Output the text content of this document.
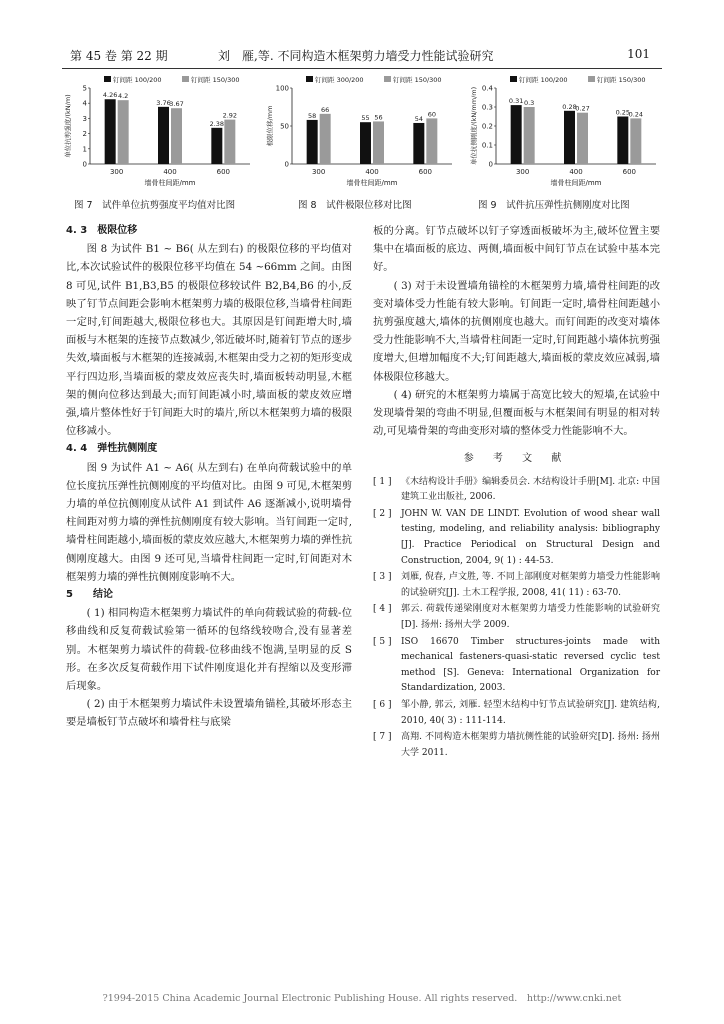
第 45 卷 第 22 期	刘　雁,等. 不同构造木框架剪力墙受力性能试验研究	101
0
1
2
3
4
5
300
4.26 4.2
400
3.76
3.67
600
2.38
2.92
钉间距 100/200	钉间距 150/300
墙骨柱间距/mm
单位抗剪强度/(kN/m)
0
50
100
300
58
66
400
55 56
600
54
60
钉间距 300/200	钉间距 150/300
墙骨柱间距/mm
极限位移/mm
0
0.1
0.2
0.3
0.4
300
0.31 0.3
400
0.28
0.27
600
0.25
0.24
钉间距 100/200	钉间距 150/300
墙骨柱间距/mm
单位抗侧刚度/(kN/mm/m)
图 7　试件单位抗剪强度平均值对比图	图 8　试件极限位移对比图	图 9　试件抗压弹性抗侧刚度对比图
4. 3　极限位移

图 8 为试件 B1 ~ B6( 从左到右) 的极限位移的平均值对比,本次试验试件的极限位移平均值在 54 ~66mm 之间。由图 8 可见,试件 B1,B3,B5 的极限位移较试件 B2,B4,B6 的小,反映了钉节点间距会影响木框架剪力墙的极限位移,当墙骨柱间距一定时,钉间距越大,极限位移也大。其原因是钉间距增大时,墙面板与木框架的连接节点数减少,邻近破坏时,随着钉节点的逐步失效,墙面板与木框架的连接减弱,木框架由受力之初的矩形变成平行四边形,当墙面板的蒙皮效应丧失时,墙面板转动明显,木框架的侧向位移达到最大;而钉间距减小时,墙面板的蒙皮效应增强,墙片整体性好于钉间距大时的墙片,所以木框架剪力墙的极限位移减小。

4. 4　弹性抗侧刚度

图 9 为试件 A1 ~ A6( 从左到右) 在单向荷载试验中的单位长度抗压弹性抗侧刚度的平均值对比。由图 9 可见,木框架剪力墙的单位抗侧刚度从试件 A1 到试件 A6 逐渐减小,说明墙骨柱间距对剪力墙的弹性抗侧刚度有较大影响。当钉间距一定时,墙骨柱间距越小,墙面板的蒙皮效应越大,木框架剪力墙的弹性抗侧刚度越大。由图 9 还可见,当墙骨柱间距一定时,钉间距对木框架剪力墙的弹性抗侧刚度影响不大。

5　　结论

( 1) 相同构造木框架剪力墙试件的单向荷载试验的荷载-位移曲线和反复荷载试验第一循环的包络线较吻合,没有显著差别。木框架剪力墙试件的荷载-位移曲线不饱满,呈明显的反 S 形。在多次反复荷载作用下试件刚度退化并有捏缩以及变形滞后现象。

( 2) 由于木框架剪力墙试件未设置墙角锚栓,其破坏形态主要是墙板钉节点破坏和墙骨柱与底梁

板的分离。钉节点破坏以钉子穿透面板破坏为主,破坏位置主要集中在墙面板的底边、两侧,墙面板中间钉节点在试验中基本完好。

( 3) 对于未设置墙角锚栓的木框架剪力墙,墙骨柱间距的改变对墙体受力性能有较大影响。钉间距一定时,墙骨柱间距越小抗剪强度越大,墙体的抗侧刚度也越大。而钉间距的改变对墙体受力性能影响不大,当墙骨柱间距一定时,钉间距越小墙体抗剪强度增大,但增加幅度不大;钉间距越大,墙面板的蒙皮效应减弱,墙体极限位移越大。

( 4) 研究的木框架剪力墙属于高宽比较大的短墙,在试验中发现墙骨架的弯曲不明显,但覆面板与木框架间有明显的相对转动,可见墙骨架的弯曲变形对墙的整体受力性能影响不大。

参 考 文 献
[ 1 ]	《木结构设计手册》编辑委员会. 木结构设计手册[M]. 北京: 中国建筑工业出版社, 2006.
[ 2 ]	JOHN W. VAN DE LINDT. Evolution of wood shear wall testing, modeling, and reliability analysis: bibliography [J]. Practice Periodical on Structural Design and Construction, 2004, 9( 1) : 44-53.
[ 3 ]	刘雁, 倪春, 卢文胜, 等. 不同上部刚度对框架剪力墙受力性能影响的试验研究[J]. 土木工程学报, 2008, 41( 11) : 63-70.
[ 4 ]	郭云. 荷载传递梁刚度对木框架剪力墙受力性能影响的试验研究[D]. 扬州: 扬州大学 2009.
[ 5 ]	ISO 16670 Timber structures-joints made with mechanical fasteners-quasi-static reversed cyclic test method [S]. Geneva: International Organization for Standardization, 2003.
[ 6 ]	邹小静, 郭云, 刘雁. 轻型木结构中钉节点试验研究[J]. 建筑结构, 2010, 40( 3) : 111-114.
[ 7 ]	高翔. 不同构造木框架剪力墙抗侧性能的试验研究[D]. 扬州: 扬州大学 2011.
?1994-2015 China Academic Journal Electronic Publishing House. All rights reserved.　http://www.cnki.net
